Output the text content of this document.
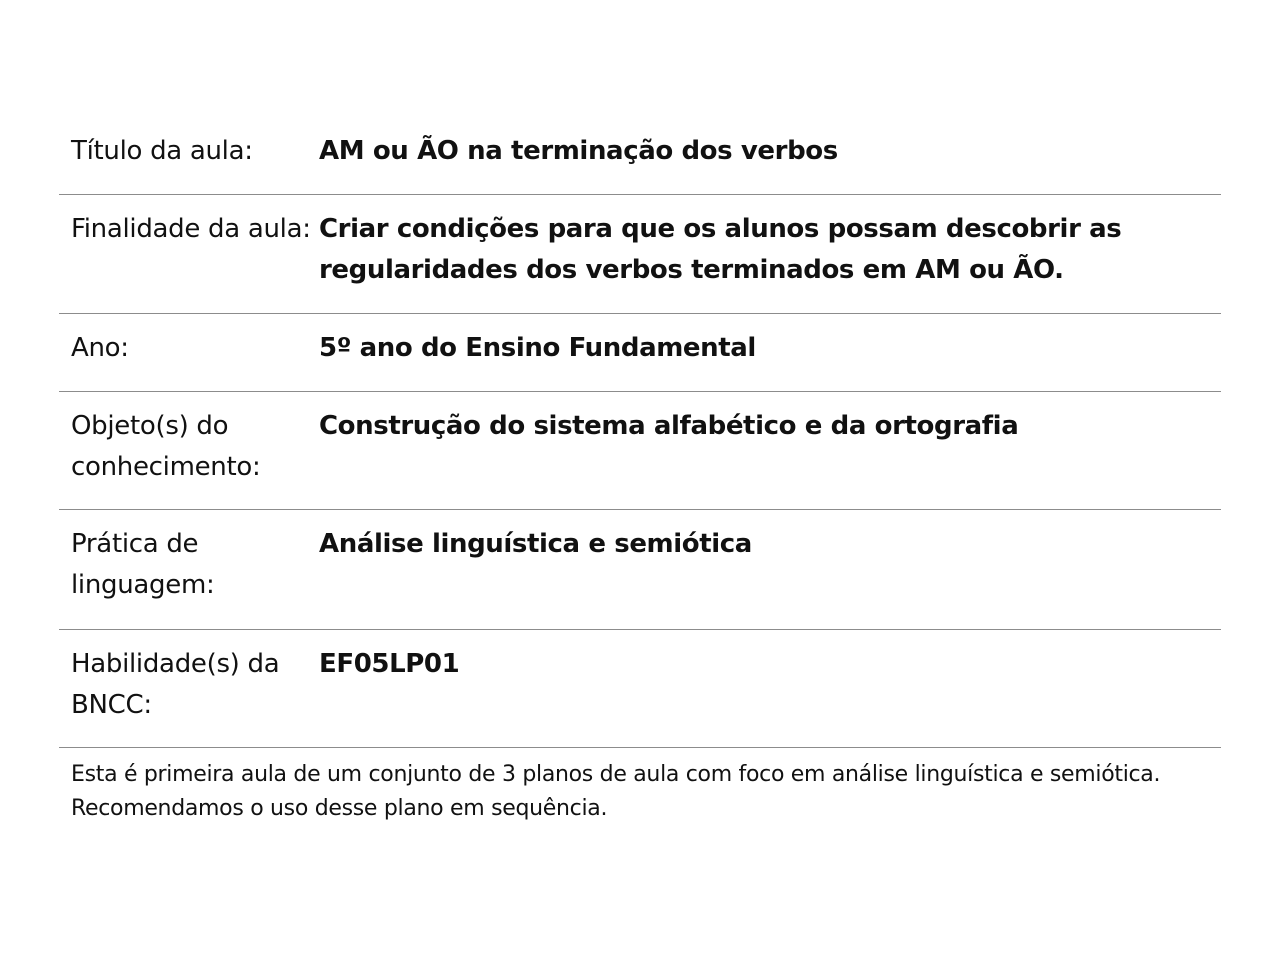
Título da aula:	AM ou ÃO na terminação dos verbos
Finalidade da aula: Criar condições para que os alunos possam descobrir as regularidades dos verbos terminados em AM ou ÃO.
Ano:	5º ano do Ensino Fundamental
Objeto(s) do conhecimento:
Construção do sistema alfabético e da ortografia
Prática de linguagem:
Análise linguística e semiótica
Habilidade(s) da BNCC:
EF05LP01
Esta é primeira aula de um conjunto de 3 planos de aula com foco em análise linguística e semiótica. Recomendamos o uso desse plano em sequência.
